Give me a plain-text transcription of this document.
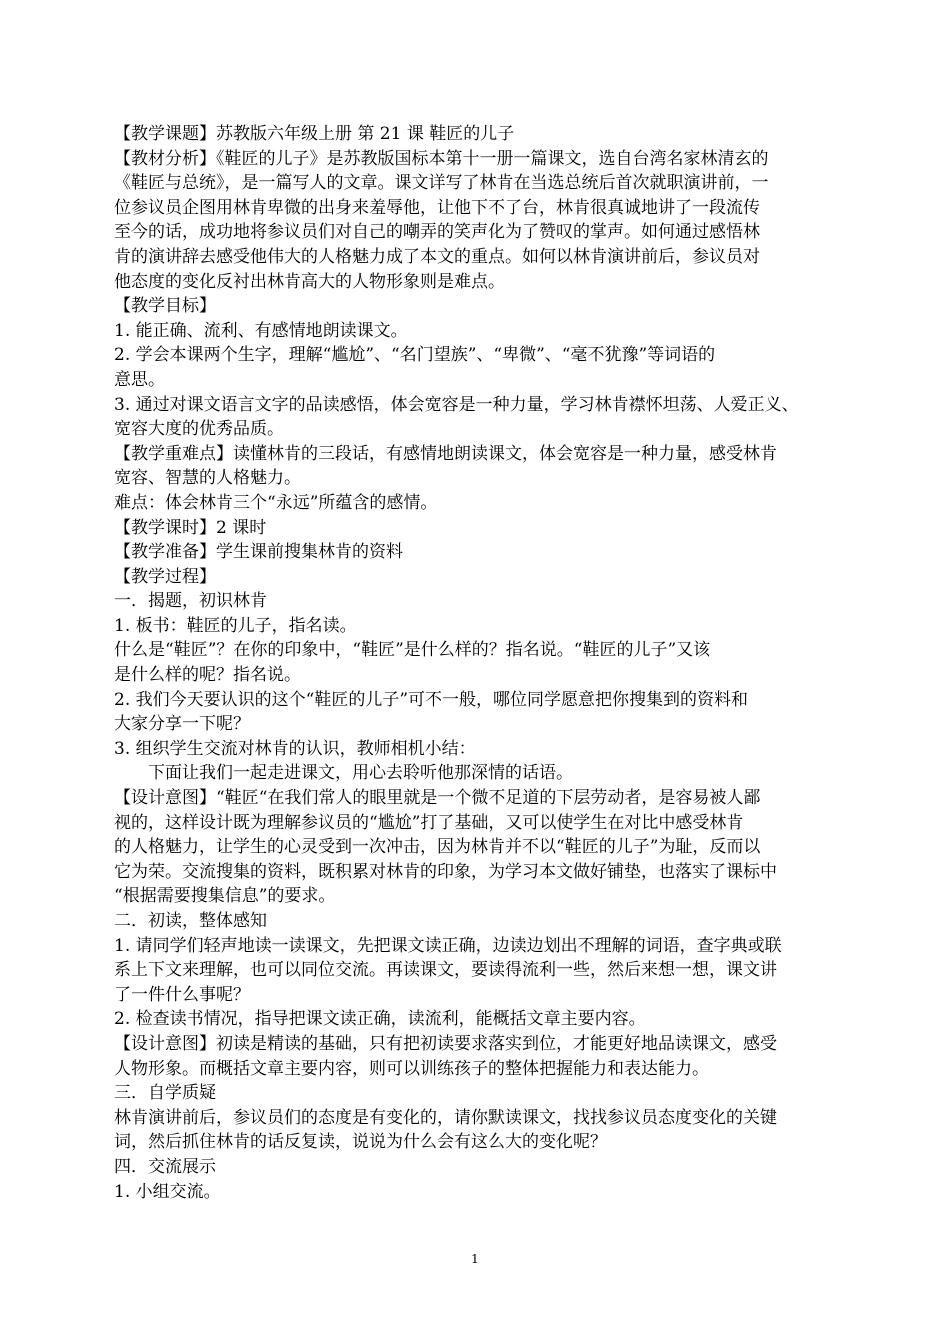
【教学课题】苏教版六年级上册 第 21 课 鞋匠的儿子
【教材分析】《鞋匠的儿子》是苏教版国标本第十一册一篇课文，选自台湾名家林清玄的
《鞋匠与总统》，是一篇写人的文章。课文详写了林肯在当选总统后首次就职演讲前，一
位参议员企图用林肯卑微的出身来羞辱他，让他下不了台，林肯很真诚地讲了一段流传
至今的话，成功地将参议员们对自己的嘲弄的笑声化为了赞叹的掌声。如何通过感悟林
肯的演讲辞去感受他伟大的人格魅力成了本文的重点。如何以林肯演讲前后，参议员对
他态度的变化反衬出林肯高大的人物形象则是难点。
【教学目标】
1. 能正确、流利、有感情地朗读课文。
2. 学会本课两个生字，理解“尴尬”、“名门望族”、“卑微”、“毫不犹豫”等词语的
意思。
3. 通过对课文语言文字的品读感悟，体会宽容是一种力量，学习林肯襟怀坦荡、人爱正义、
宽容大度的优秀品质。
【教学重难点】读懂林肯的三段话，有感情地朗读课文，体会宽容是一种力量，感受林肯
宽容、智慧的人格魅力。
难点：体会林肯三个“永远”所蕴含的感情。
【教学课时】2 课时
【教学准备】学生课前搜集林肯的资料
【教学过程】
一．揭题，初识林肯
1. 板书：鞋匠的儿子，指名读。
什么是“鞋匠”？在你的印象中，“鞋匠”是什么样的？指名说。“鞋匠的儿子”又该
是什么样的呢？指名说。
2. 我们今天要认识的这个“鞋匠的儿子”可不一般，哪位同学愿意把你搜集到的资料和
大家分享一下呢？
3. 组织学生交流对林肯的认识，教师相机小结：
下面让我们一起走进课文，用心去聆听他那深情的话语。
【设计意图】“鞋匠“在我们常人的眼里就是一个微不足道的下层劳动者，是容易被人鄙
视的，这样设计既为理解参议员的“尴尬”打了基础，又可以使学生在对比中感受林肯
的人格魅力，让学生的心灵受到一次冲击，因为林肯并不以“鞋匠的儿子”为耻，反而以
它为荣。交流搜集的资料，既积累对林肯的印象，为学习本文做好铺垫，也落实了课标中
“根据需要搜集信息”的要求。
二．初读，整体感知
1. 请同学们轻声地读一读课文，先把课文读正确，边读边划出不理解的词语，查字典或联
系上下文来理解，也可以同位交流。再读课文，要读得流利一些，然后来想一想，课文讲
了一件什么事呢？
2. 检查读书情况，指导把课文读正确，读流利，能概括文章主要内容。
【设计意图】初读是精读的基础，只有把初读要求落实到位，才能更好地品读课文，感受
人物形象。而概括文章主要内容，则可以训练孩子的整体把握能力和表达能力。
三．自学质疑
林肯演讲前后，参议员们的态度是有变化的，请你默读课文，找找参议员态度变化的关键
词，然后抓住林肯的话反复读，说说为什么会有这么大的变化呢？
四．交流展示
1. 小组交流。
1
